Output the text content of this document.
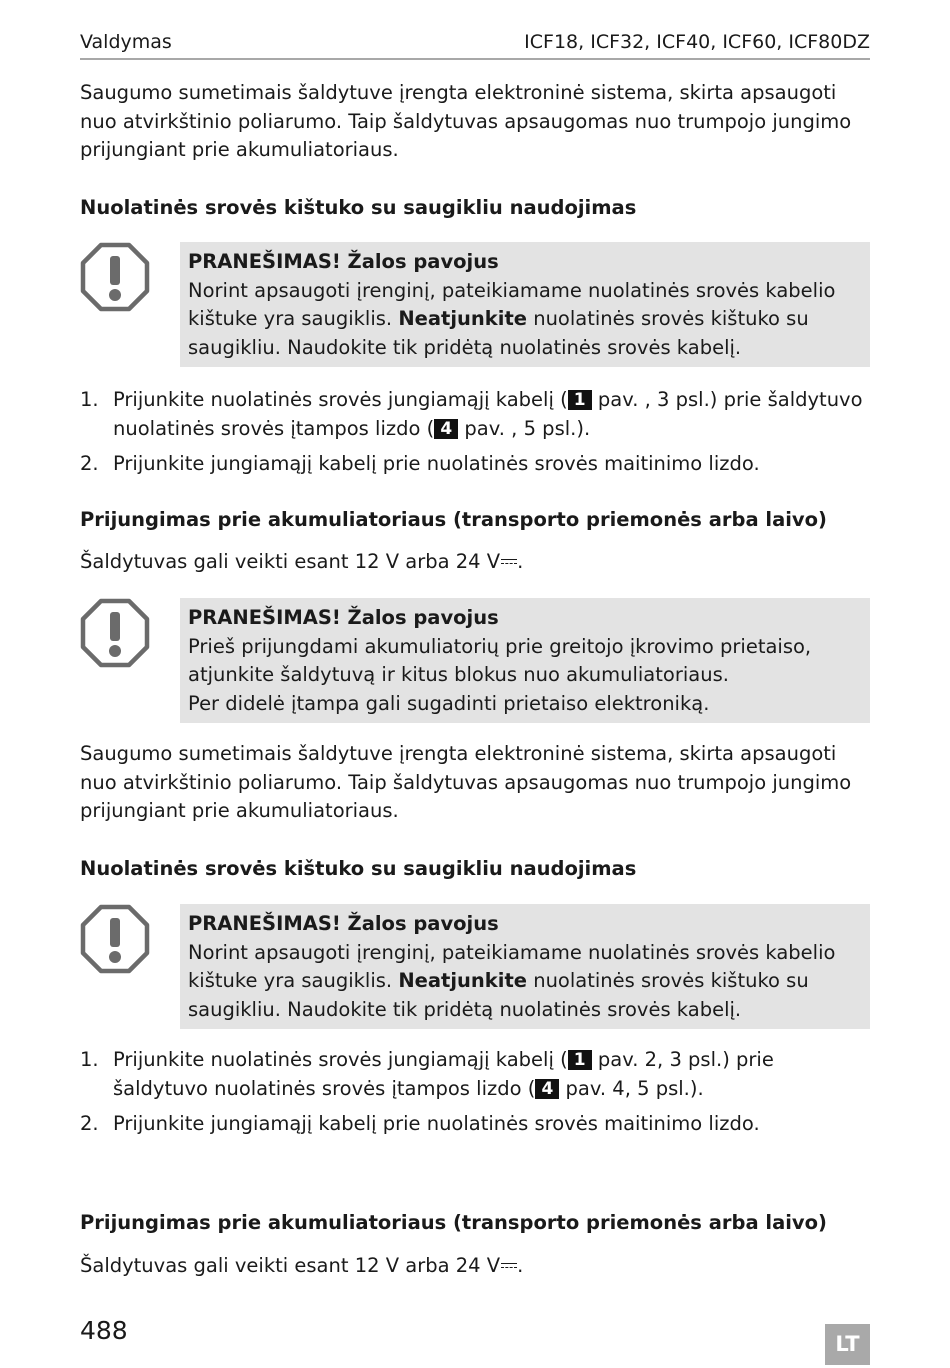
Valdymas	ICF18, ICF32, ICF40, ICF60, ICF80DZ

Saugumo sumetimais šaldytuve įrengta elektroninė sistema, skirta apsaugoti nuo atvirkštinio poliarumo. Taip šaldytuvas apsaugomas nuo trumpojo jungimo prijungiant prie akumuliatoriaus.

Nuolatinės srovės kištuko su saugikliu naudojimas
PRANEŠIMAS! Žalos pavojus
Norint apsaugoti įrenginį, pateikiamame nuolatinės srovės kabelio kištuke yra saugiklis. Neatjunkite nuolatinės srovės kištuko su saugikliu. Naudokite tik pridėtą nuolatinės srovės kabelį.
1. Prijunkite nuolatinės srovės jungiamąjį kabelį ( 1 pav. , 3 psl.) prie šaldytuvo nuolatinės srovės įtampos lizdo ( 4 pav. , 5 psl.).
2. Prijunkite jungiamąjį kabelį prie nuolatinės srovės maitinimo lizdo.
Prijungimas prie akumuliatoriaus (transporto priemonės arba laivo)

Šaldytuvas gali veikti esant 12 V arba 24 V .

PRANEŠIMAS! Žalos pavojus
Prieš prijungdami akumuliatorių prie greitojo įkrovimo prietaiso, atjunkite šaldytuvą ir kitus blokus nuo akumuliatoriaus.
Per didelė įtampa gali sugadinti prietaiso elektroniką.

Saugumo sumetimais šaldytuve įrengta elektroninė sistema, skirta apsaugoti nuo atvirkštinio poliarumo. Taip šaldytuvas apsaugomas nuo trumpojo jungimo prijungiant prie akumuliatoriaus.

Nuolatinės srovės kištuko su saugikliu naudojimas
PRANEŠIMAS! Žalos pavojus
Norint apsaugoti įrenginį, pateikiamame nuolatinės srovės kabelio kištuke yra saugiklis. Neatjunkite nuolatinės srovės kištuko su saugikliu. Naudokite tik pridėtą nuolatinės srovės kabelį.
1. Prijunkite nuolatinės srovės jungiamąjį kabelį ( 1 pav. 2, 3 psl.) prie šaldytuvo nuolatinės srovės įtampos lizdo ( 4 pav. 4, 5 psl.).
2. Prijunkite jungiamąjį kabelį prie nuolatinės srovės maitinimo lizdo.
Prijungimas prie akumuliatoriaus (transporto priemonės arba laivo)

Šaldytuvas gali veikti esant 12 V arba 24 V .

488	LT
